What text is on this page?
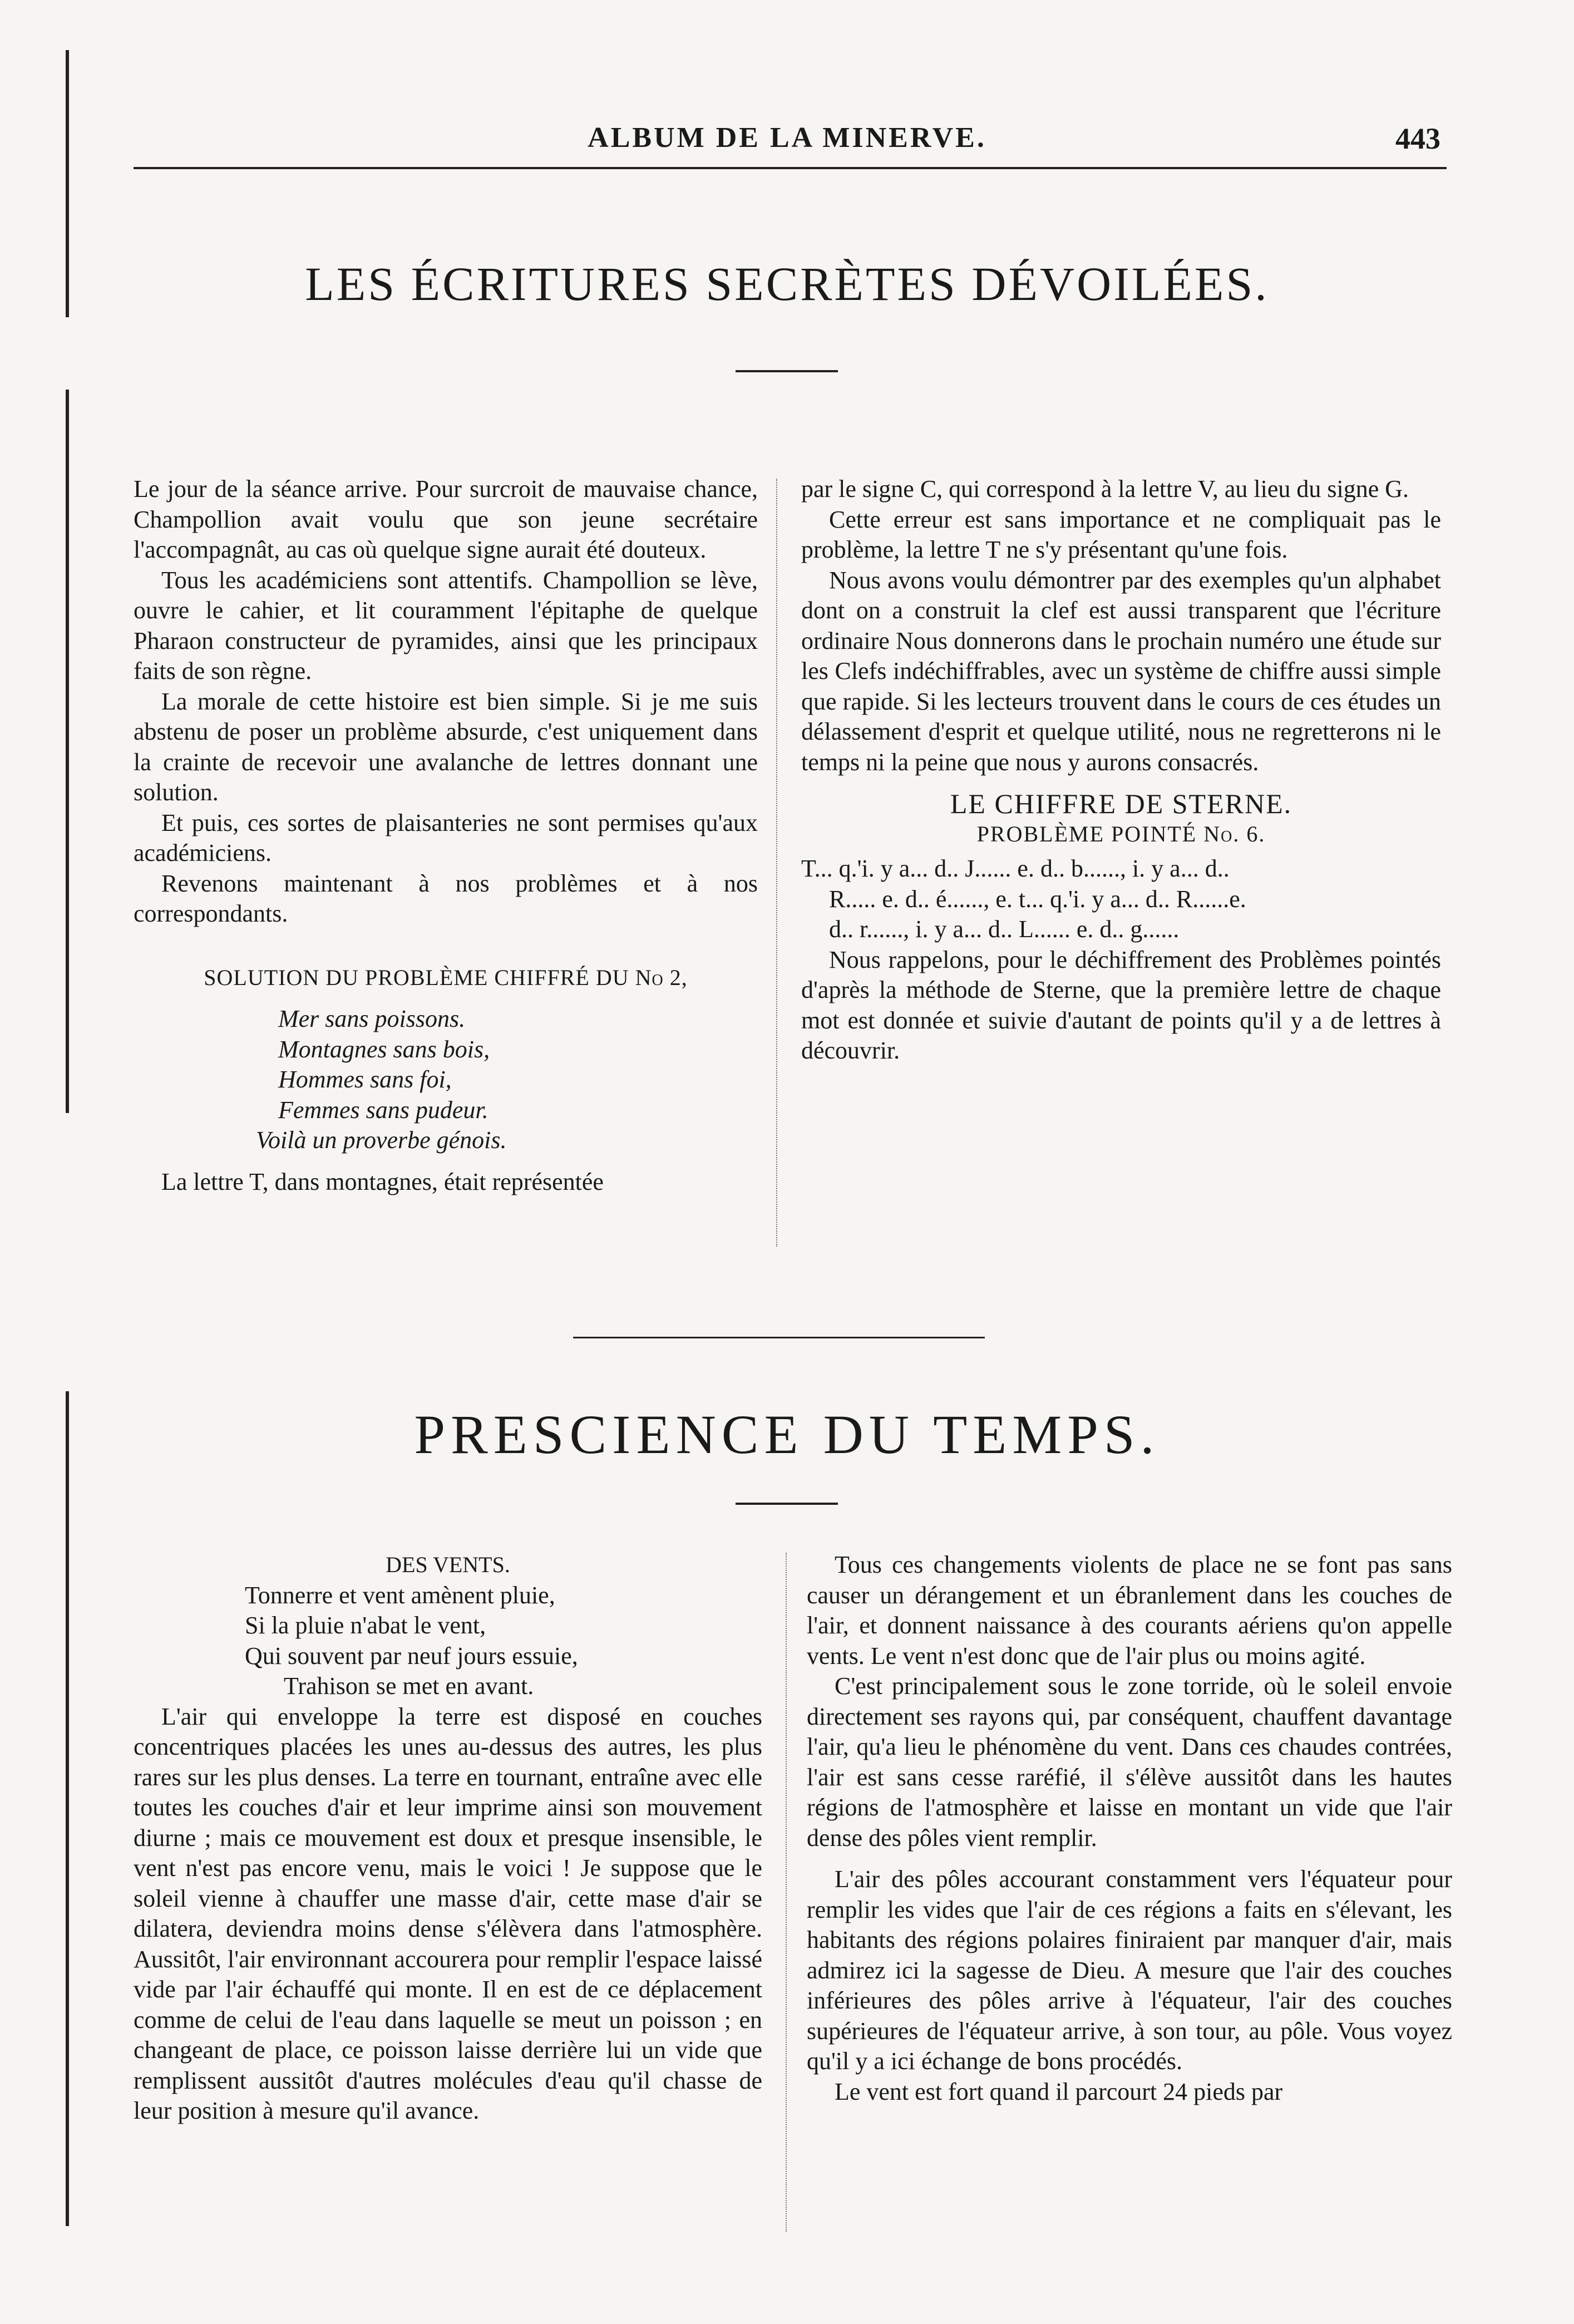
ALBUM DE LA MINERVE.	443
LES ÉCRITURES SECRÈTES DÉVOILÉES.

Le jour de la séance arrive. Pour surcroit de mauvaise chance, Champollion avait voulu que son jeune secrétaire l'accompagnât, au cas où quelque signe aurait été douteux.

Tous les académiciens sont attentifs. Champollion se lève, ouvre le cahier, et lit couramment l'épitaphe de quelque Pharaon constructeur de pyramides, ainsi que les principaux faits de son règne.

La morale de cette histoire est bien simple. Si je me suis abstenu de poser un problème absurde, c'est uniquement dans la crainte de recevoir une avalanche de lettres donnant une solution.

Et puis, ces sortes de plaisanteries ne sont permises qu'aux académiciens.

Revenons maintenant à nos problèmes et à nos correspondants.

SOLUTION DU PROBLÈME CHIFFRÉ DU No 2,
Mer sans poissons.
Montagnes sans bois,
Hommes sans foi,
Femmes sans pudeur.
Voilà un proverbe génois.

La lettre T, dans montagnes, était représentée

par le signe C, qui correspond à la lettre V, au lieu du signe G.

Cette erreur est sans importance et ne compliquait pas le problème, la lettre T ne s'y présentant qu'une fois.

Nous avons voulu démontrer par des exemples qu'un alphabet dont on a construit la clef est aussi transparent que l'écriture ordinaire Nous donnerons dans le prochain numéro une étude sur les Clefs indéchiffrables, avec un système de chiffre aussi simple que rapide. Si les lecteurs trouvent dans le cours de ces études un délassement d'esprit et quelque utilité, nous ne regretterons ni le temps ni la peine que nous y aurons consacrés.

LE CHIFFRE DE STERNE.
PROBLÈME POINTÉ No. 6.
T... q.'i. y a... d.. J...... e. d.. b......, i. y a... d..
R..... e. d.. é......, e. t... q.'i. y a... d.. R......e.
d.. r......, i. y a... d.. L...... e. d.. g......

Nous rappelons, pour le déchiffrement des Problèmes pointés d'après la méthode de Sterne, que la première lettre de chaque mot est donnée et suivie d'autant de points qu'il y a de lettres à découvrir.

PRESCIENCE DU TEMPS.
DES VENTS.
Tonnerre et vent amènent pluie,
Si la pluie n'abat le vent,
Qui souvent par neuf jours essuie,
Trahison se met en avant.

L'air qui enveloppe la terre est disposé en couches concentriques placées les unes au-dessus des autres, les plus rares sur les plus denses. La terre en tournant, entraîne avec elle toutes les couches d'air et leur imprime ainsi son mouvement diurne ; mais ce mouvement est doux et presque insensible, le vent n'est pas encore venu, mais le voici ! Je suppose que le soleil vienne à chauffer une masse d'air, cette mase d'air se dilatera, deviendra moins dense s'élèvera dans l'atmosphère. Aussitôt, l'air environnant accourera pour remplir l'espace laissé vide par l'air échauffé qui monte. Il en est de ce déplacement comme de celui de l'eau dans laquelle se meut un poisson ; en changeant de place, ce poisson laisse derrière lui un vide que remplissent aussitôt d'autres molécules d'eau qu'il chasse de leur position à mesure qu'il avance.

Tous ces changements violents de place ne se font pas sans causer un dérangement et un ébranlement dans les couches de l'air, et donnent naissance à des courants aériens qu'on appelle vents. Le vent n'est donc que de l'air plus ou moins agité.

C'est principalement sous le zone torride, où le soleil envoie directement ses rayons qui, par conséquent, chauffent davantage l'air, qu'a lieu le phénomène du vent. Dans ces chaudes contrées, l'air est sans cesse raréfié, il s'élève aussitôt dans les hautes régions de l'atmosphère et laisse en montant un vide que l'air dense des pôles vient remplir.

L'air des pôles accourant constamment vers l'équateur pour remplir les vides que l'air de ces régions a faits en s'élevant, les habitants des régions polaires finiraient par manquer d'air, mais admirez ici la sagesse de Dieu. A mesure que l'air des couches inférieures des pôles arrive à l'équateur, l'air des couches supérieures de l'équateur arrive, à son tour, au pôle. Vous voyez qu'il y a ici échange de bons procédés.

Le vent est fort quand il parcourt 24 pieds par
